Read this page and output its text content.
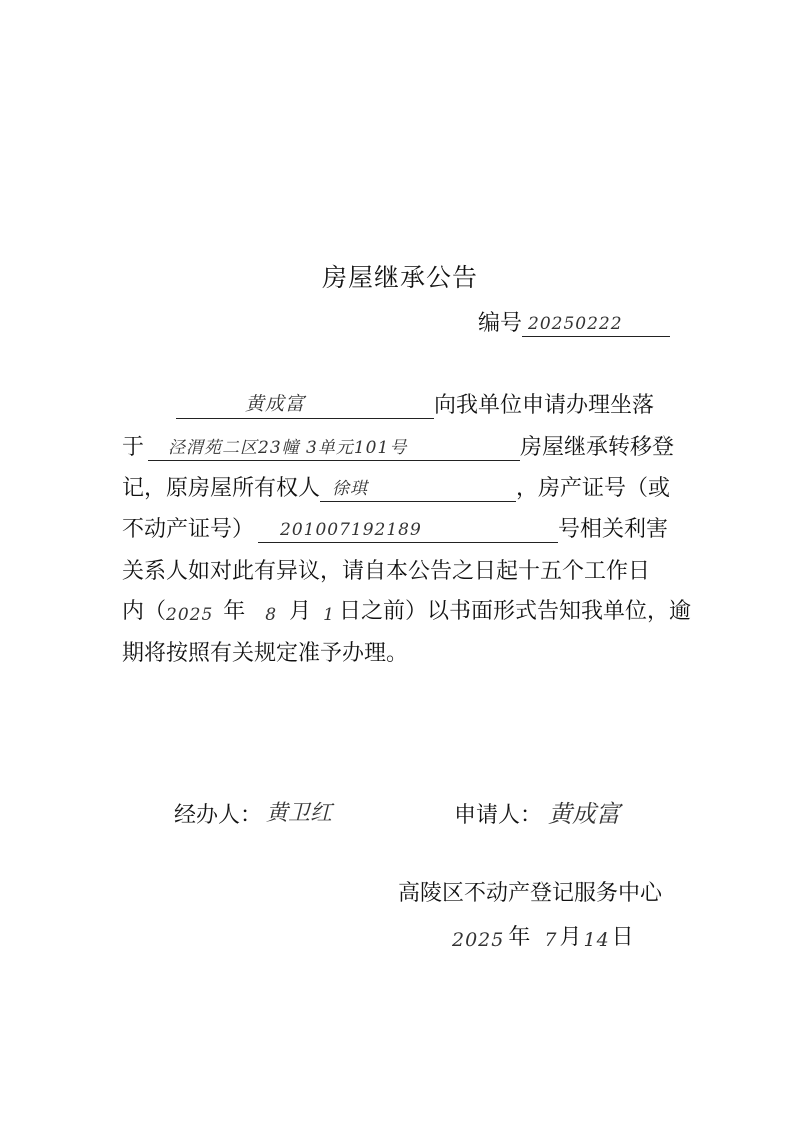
房屋继承公告
编号 20250222
黄成富	向我单位申请办理坐落
于 泾渭苑二区23幢 3单元101号	房屋继承转移登
记，原房屋所有权人 徐琪	，房产证号（或
不动产证号） 201007192189	号相关利害
关系人如对此有异议，请自本公告之日起十五个工作日
内（ 2025 年 8 月 1 日之前）以书面形式告知我单位，逾
期将按照有关规定准予办理。
经办人： 黄卫红	申请人： 黄成富
高陵区不动产登记服务中心
2025 年 7 月 14 日
